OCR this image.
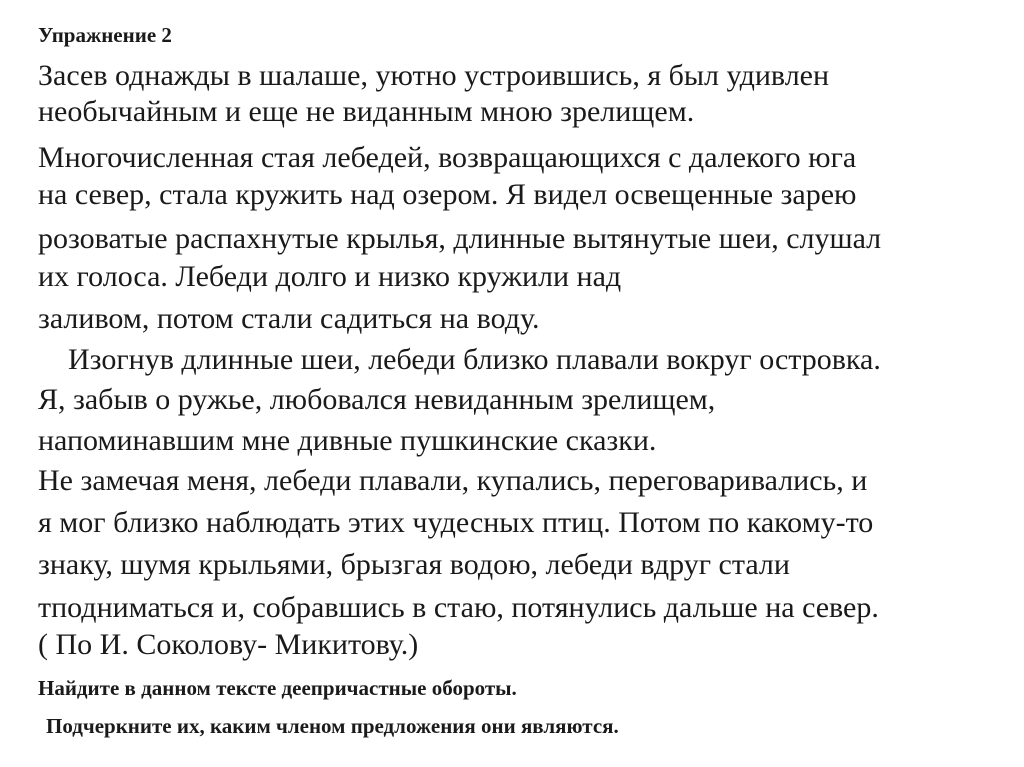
Упражнение 2
Засев однажды в шалаше, уютно устроившись, я был удивлен
необычайным и еще не виданным мною зрелищем.
Многочисленная стая лебедей, возвращающихся с далекого юга
на север, стала кружить над озером. Я видел освещенные зарею
розоватые распахнутые крылья, длинные вытянутые шеи, слушал
их голоса. Лебеди долго и низко кружили над
заливом, потом стали садиться на воду.
Изогнув длинные шеи, лебеди близко плавали вокруг островка.
Я, забыв о ружье, любовался невиданным зрелищем,
напоминавшим мне дивные пушкинские сказки.
Не замечая меня, лебеди плавали, купались, переговаривались, и
я мог близко наблюдать этих чудесных птиц. Потом по какому-то
знаку, шумя крыльями, брызгая водою, лебеди вдруг стали
тподниматься и, собравшись в стаю, потянулись дальше на север.
( По И. Соколову- Микитову.)
Найдите в данном тексте деепричастные обороты.
Подчеркните их, каким членом предложения они являются.
